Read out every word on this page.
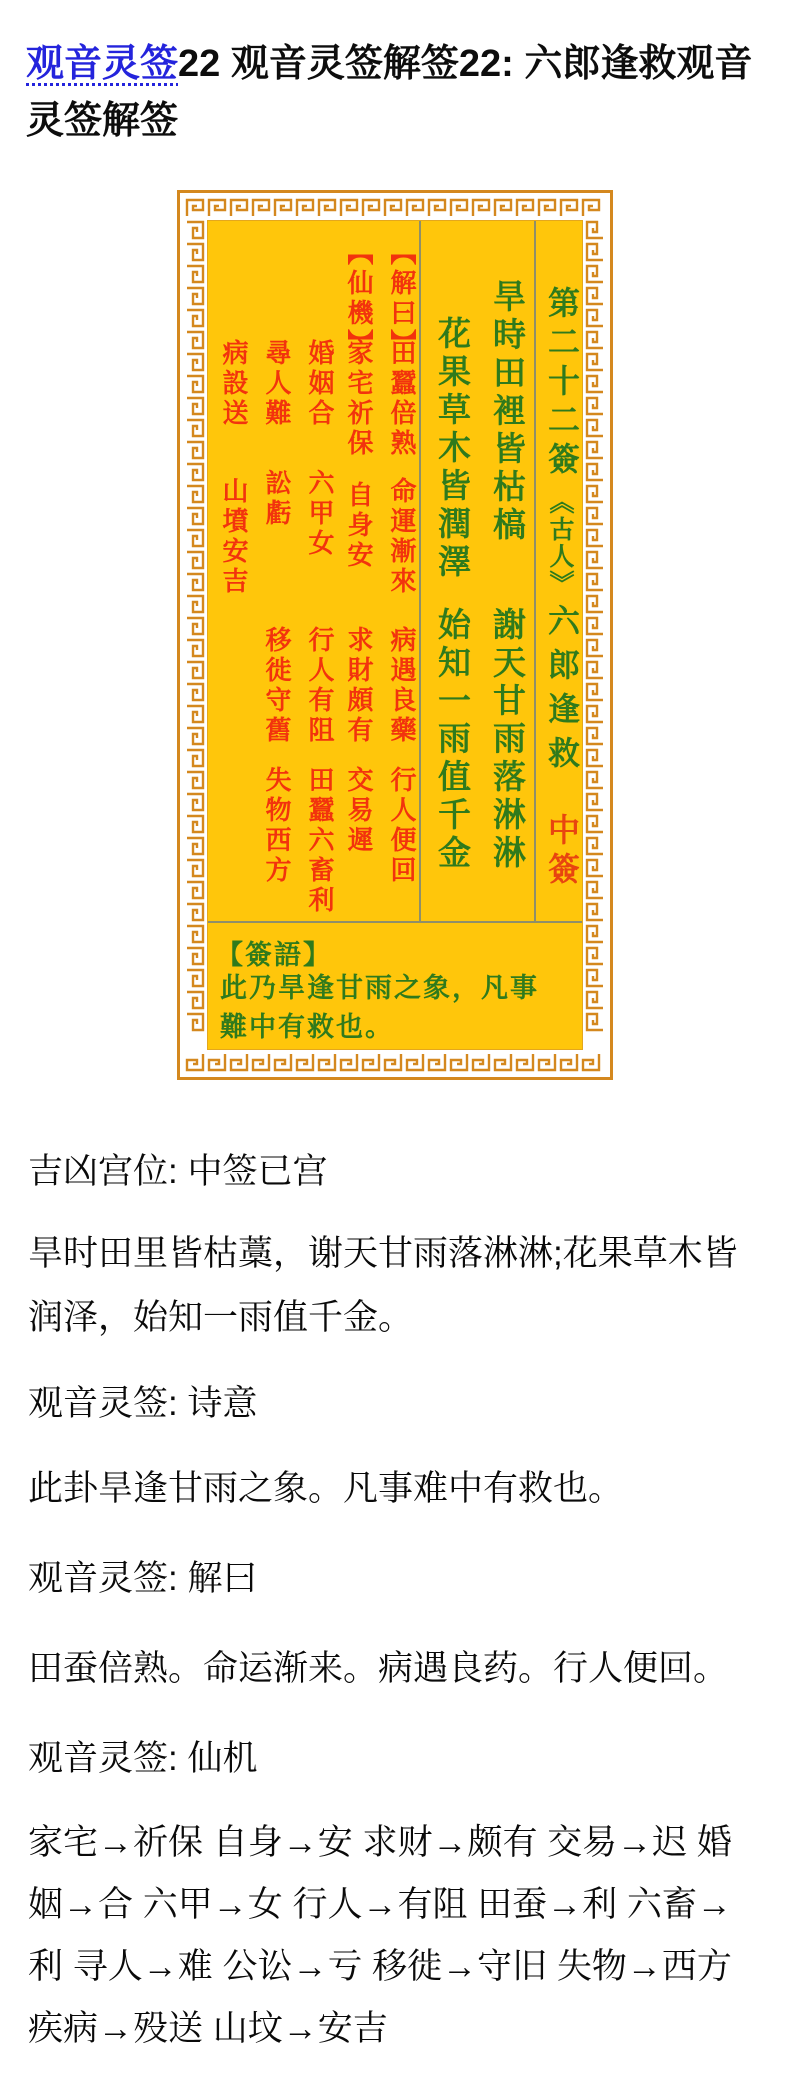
观音灵签22 观音灵签解签22: 六郎逢救观音灵签解签
第二十二簽
《古人》
六郎逢救
中簽
旱時田裡皆枯槁
謝天甘雨落淋淋
花果草木皆潤澤
始知一雨值千金
【解曰】
田蠶倍熟
命運漸來
病遇良藥
行人便回
【仙機】
家宅祈保
自身安
求財頗有
交易遲
婚姻合
六甲女
行人有阻
田蠶六畜利
尋人難
訟虧
移徙守舊
失物西方
病設送
山墳安吉
【簽語】
此乃旱逢甘雨之象，凡事難中有救也。

吉凶宫位: 中签已宫

旱时田里皆枯藁，谢天甘雨落淋淋;花果草木皆润泽，始知一雨值千金。

观音灵签: 诗意

此卦旱逢甘雨之象。凡事难中有救也。

观音灵签: 解曰

田蚕倍熟。命运渐来。病遇良药。行人便回。

观音灵签: 仙机

家宅→祈保 自身→安 求财→颇有 交易→迟 婚姻→合 六甲→女 行人→有阻 田蚕→利 六畜→利 寻人→难 公讼→亏 移徙→守旧 失物→西方 疾病→殁送 山坟→安吉
